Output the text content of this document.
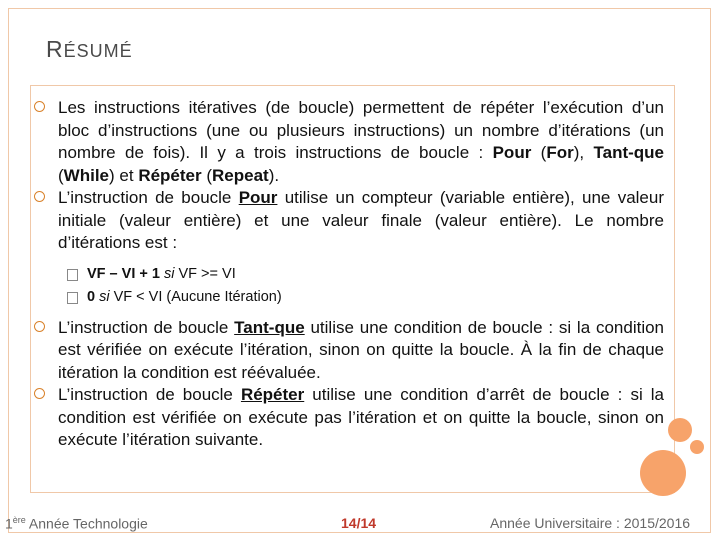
RÉSUMÉ
Les instructions itératives (de boucle) permettent de répéter l’exécution d’un bloc d’instructions (une ou plusieurs instructions) un nombre d’itérations (un nombre de fois). Il y a trois instructions de boucle : Pour (For), Tant-que (While) et Répéter (Repeat).
L’instruction de boucle Pour utilise un compteur (variable entière), une valeur initiale (valeur entière) et une valeur finale (valeur entière). Le nombre d’itérations est :
VF – VI + 1 si VF >= VI
0 si VF < VI (Aucune Itération)
L’instruction de boucle Tant-que utilise une condition de boucle : si la condition est vérifiée on exécute l’itération, sinon on quitte la boucle. À la fin de chaque itération la condition est réévaluée.
L’instruction de boucle Répéter utilise une condition d’arrêt de boucle : si la condition est vérifiée on exécute pas l’itération et on quitte la boucle, sinon on exécute l’itération suivante.
1ère Année Technologie	14/14	Année Universitaire : 2015/2016
